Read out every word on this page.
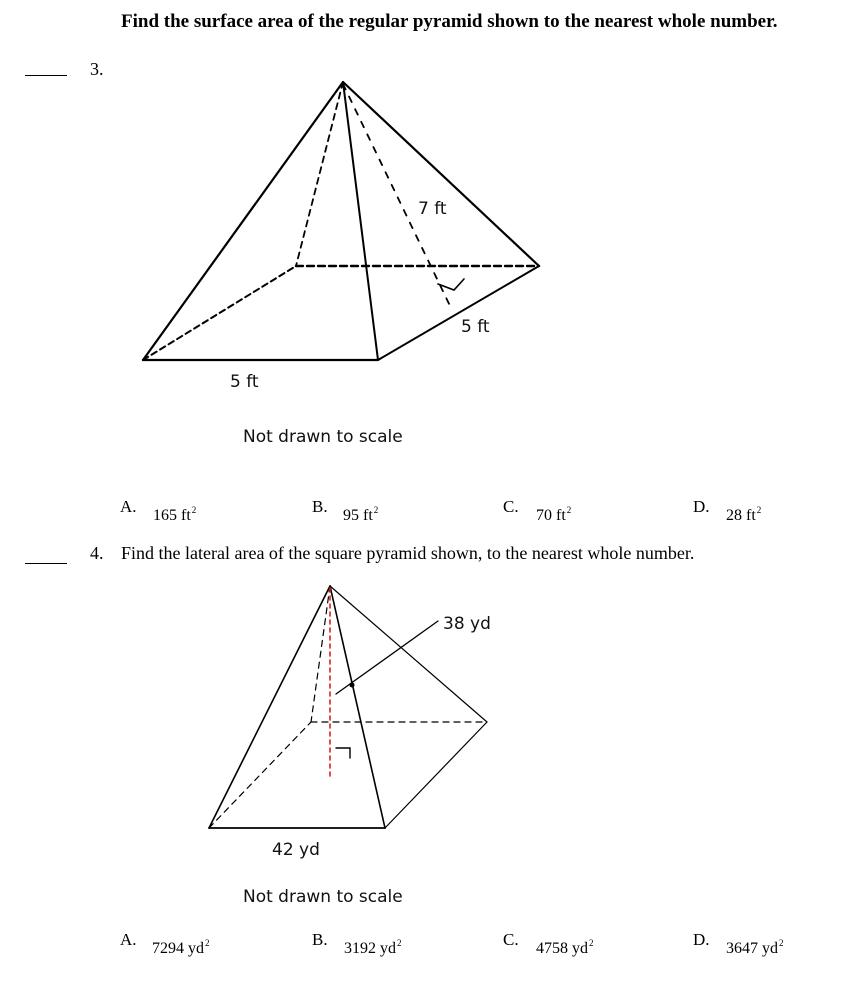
Find the surface area of the regular pyramid shown to the nearest whole number.
3.
7 ft
5 ft
5 ft
Not drawn to scale
A. 165 $ft^2$	B. 95 $ft^2$	C. 70 $ft^2$	D. 28 $ft^2$
4. Find the lateral area of the square pyramid shown, to the nearest whole number.
38 yd
42 yd
Not drawn to scale
A. 7294 $yd^2$	B. 3192 $yd^2$	C. 4758 $yd^2$	D. 3647 $yd^2$
